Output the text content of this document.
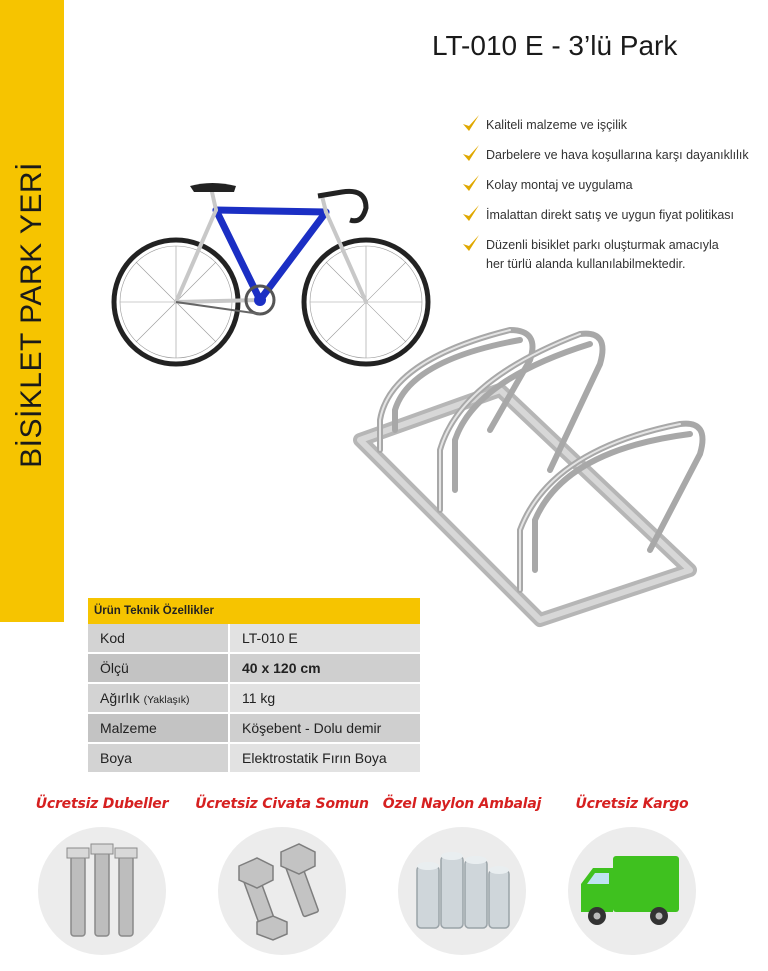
BİSİKLET PARK YERİ
LT-010 E - 3’lü Park
Kaliteli malzeme ve işçilik
Darbelere ve hava koşullarına karşı dayanıklılık
Kolay montaj ve uygulama
İmalattan direkt satış ve uygun fiyat politikası
Düzenli bisiklet parkı oluşturmak amacıyla
her türlü alanda kullanılabilmektedir.
Ürün Teknik Özellikler
Kod	LT-010 E
Ölçü	40 x 120 cm
Ağırlık (Yaklaşık)	11 kg
Malzeme	Köşebent - Dolu demir
Boya	Elektrostatik Fırın Boya
Ücretsiz Dubeller	Ücretsiz Civata Somun Özel Naylon Ambalaj	Ücretsiz Kargo
